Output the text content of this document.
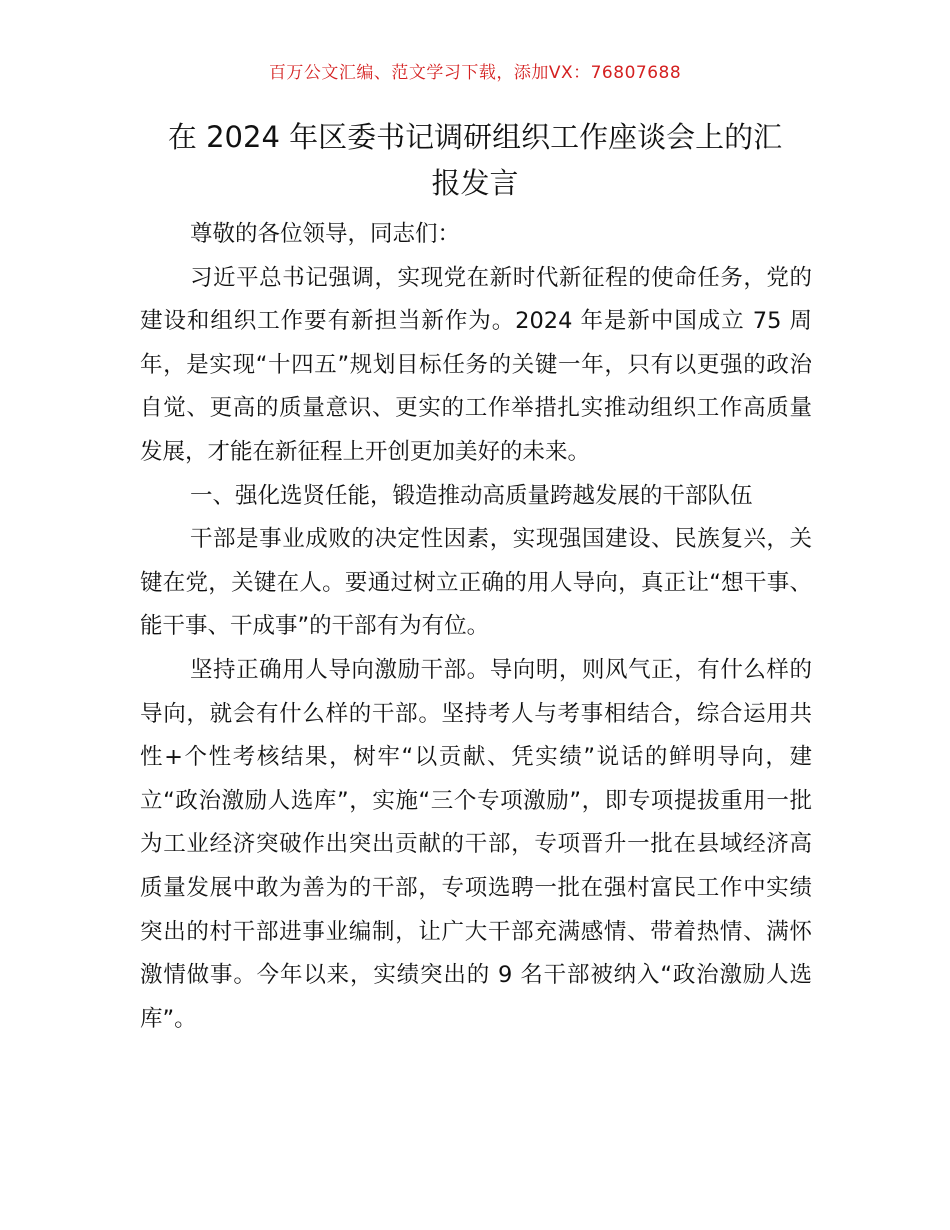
百万公文汇编、范文学习下载，添加VX：76807688
在 2024 年区委书记调研组织工作座谈会上的汇
报发言

尊敬的各位领导，同志们：

习近平总书记强调，实现党在新时代新征程的使命任务，党的建设和组织工作要有新担当新作为。2024 年是新中国成立 75 周年，是实现“十四五”规划目标任务的关键一年，只有以更强的政治自觉、更高的质量意识、更实的工作举措扎实推动组织工作高质量发展，才能在新征程上开创更加美好的未来。

一、强化选贤任能，锻造推动高质量跨越发展的干部队伍

干部是事业成败的决定性因素，实现强国建设、民族复兴，关键在党，关键在人。要通过树立正确的用人导向，真正让“想干事、能干事、干成事”的干部有为有位。

坚持正确用人导向激励干部。导向明，则风气正，有什么样的导向，就会有什么样的干部。坚持考人与考事相结合，综合运用共性+个性考核结果，树牢“以贡献、凭实绩”说话的鲜明导向，建立“政治激励人选库”，实施“三个专项激励”，即专项提拔重用一批为工业经济突破作出突出贡献的干部，专项晋升一批在县域经济高质量发展中敢为善为的干部，专项选聘一批在强村富民工作中实绩突出的村干部进事业编制，让广大干部充满感情、带着热情、满怀激情做事。今年以来，实绩突出的 9 名干部被纳入“政治激励人选库”。
